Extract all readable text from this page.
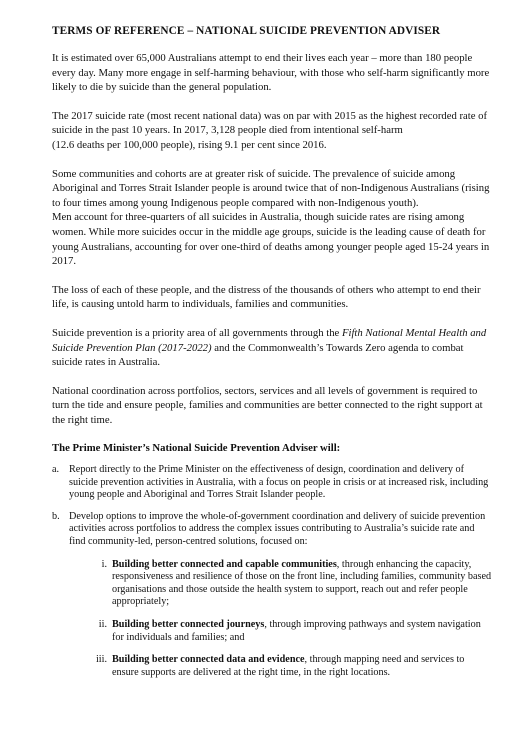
TERMS OF REFERENCE – NATIONAL SUICIDE PREVENTION ADVISER

It is estimated over 65,000 Australians attempt to end their lives each year – more than 180 people every day. Many more engage in self-harming behaviour, with those who self-harm significantly more likely to die by suicide than the general population.

The 2017 suicide rate (most recent national data) was on par with 2015 as the highest recorded rate of suicide in the past 10 years. In 2017, 3,128 people died from intentional self-harm
(12.6 deaths per 100,000 people), rising 9.1 per cent since 2016.

Some communities and cohorts are at greater risk of suicide. The prevalence of suicide among Aboriginal and Torres Strait Islander people is around twice that of non-Indigenous Australians (rising to four times among young Indigenous people compared with non-Indigenous youth).
Men account for three-quarters of all suicides in Australia, though suicide rates are rising among women. While more suicides occur in the middle age groups, suicide is the leading cause of death for young Australians, accounting for over one-third of deaths among younger people aged 15-24 years in 2017.

The loss of each of these people, and the distress of the thousands of others who attempt to end their life, is causing untold harm to individuals, families and communities.

Suicide prevention is a priority area of all governments through the Fifth National Mental Health and Suicide Prevention Plan (2017-2022) and the Commonwealth’s Towards Zero agenda to combat suicide rates in Australia.

National coordination across portfolios, sectors, services and all levels of government is required to turn the tide and ensure people, families and communities are better connected to the right support at the right time.

The Prime Minister’s National Suicide Prevention Adviser will:

a. Report directly to the Prime Minister on the effectiveness of design, coordination and delivery of suicide prevention activities in Australia, with a focus on people in crisis or at increased risk, including young people and Aboriginal and Torres Strait Islander people.
b. Develop options to improve the whole-of-government coordination and delivery of suicide prevention activities across portfolios to address the complex issues contributing to Australia’s suicide rate and find community-led, person-centred solutions, focused on:
i. Building better connected and capable communities, through enhancing the capacity, responsiveness and resilience of those on the front line, including families, community based organisations and those outside the health system to support, reach out and refer people appropriately;
ii. Building better connected journeys, through improving pathways and system navigation for individuals and families; and
iii. Building better connected data and evidence, through mapping need and services to ensure supports are delivered at the right time, in the right locations.
